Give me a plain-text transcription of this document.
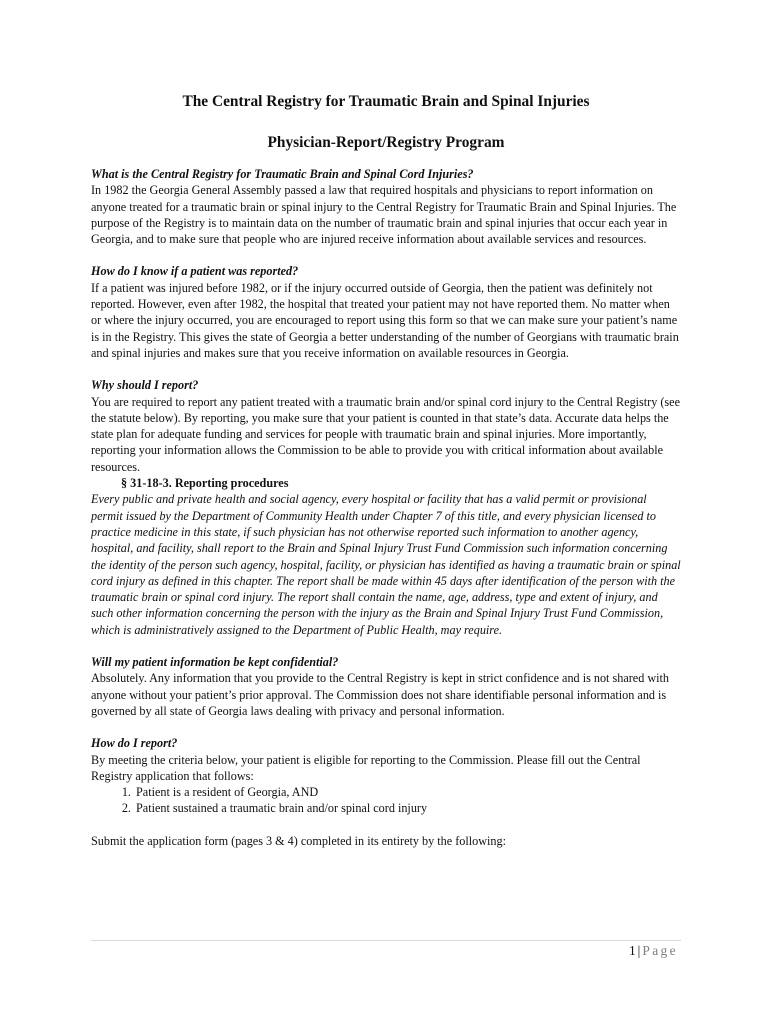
The Central Registry for Traumatic Brain and Spinal Injuries
Physician-Report/Registry Program

What is the Central Registry for Traumatic Brain and Spinal Cord Injuries?

In 1982 the Georgia General Assembly passed a law that required hospitals and physicians to report information on anyone treated for a traumatic brain or spinal injury to the Central Registry for Traumatic Brain and Spinal Injuries. The purpose of the Registry is to maintain data on the number of traumatic brain and spinal injuries that occur each year in Georgia, and to make sure that people who are injured receive information about available services and resources.

How do I know if a patient was reported?

If a patient was injured before 1982, or if the injury occurred outside of Georgia, then the patient was definitely not reported. However, even after 1982, the hospital that treated your patient may not have reported them. No matter when or where the injury occurred, you are encouraged to report using this form so that we can make sure your patient’s name is in the Registry. This gives the state of Georgia a better understanding of the number of Georgians with traumatic brain and spinal injuries and makes sure that you receive information on available resources in Georgia.

Why should I report?

You are required to report any patient treated with a traumatic brain and/or spinal cord injury to the Central Registry (see the statute below). By reporting, you make sure that your patient is counted in that state’s data. Accurate data helps the state plan for adequate funding and services for people with traumatic brain and spinal injuries. More importantly, reporting your information allows the Commission to be able to provide you with critical information about available resources.

§ 31-18-3. Reporting procedures

Every public and private health and social agency, every hospital or facility that has a valid permit or provisional permit issued by the Department of Community Health under Chapter 7 of this title, and every physician licensed to practice medicine in this state, if such physician has not otherwise reported such information to another agency, hospital, and facility, shall report to the Brain and Spinal Injury Trust Fund Commission such information concerning the identity of the person such agency, hospital, facility, or physician has identified as having a traumatic brain or spinal cord injury as defined in this chapter. The report shall be made within 45 days after identification of the person with the traumatic brain or spinal cord injury. The report shall contain the name, age, address, type and extent of injury, and such other information concerning the person with the injury as the Brain and Spinal Injury Trust Fund Commission, which is administratively assigned to the Department of Public Health, may require.

Will my patient information be kept confidential?

Absolutely. Any information that you provide to the Central Registry is kept in strict confidence and is not shared with anyone without your patient’s prior approval. The Commission does not share identifiable personal information and is governed by all state of Georgia laws dealing with privacy and personal information.

How do I report?

By meeting the criteria below, your patient is eligible for reporting to the Commission. Please fill out the Central Registry application that follows:

1. Patient is a resident of Georgia, AND
2. Patient sustained a traumatic brain and/or spinal cord injury

Submit the application form (pages 3 & 4) completed in its entirety by the following:

1 | Page
